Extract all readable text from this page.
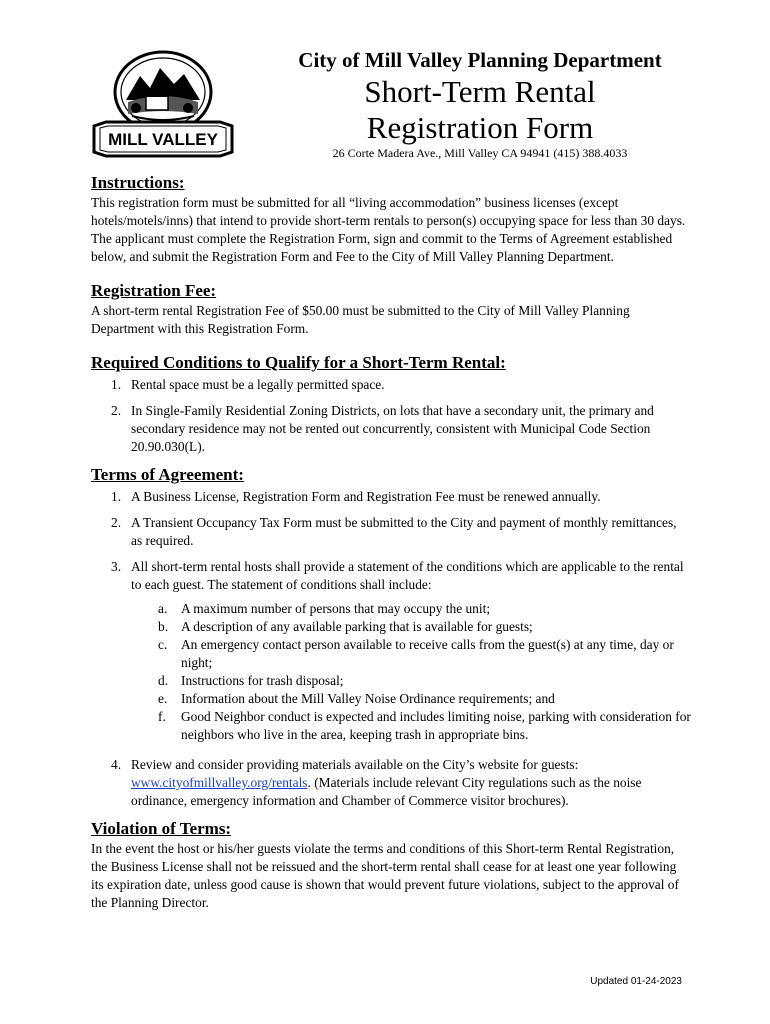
MILL VALLEY
City of Mill Valley Planning Department
Short-Term Rental
Registration Form
26 Corte Madera Ave., Mill Valley CA 94941 (415) 388.4033
Instructions:

This registration form must be submitted for all “living accommodation” business licenses (except hotels/motels/inns) that intend to provide short-term rentals to person(s) occupying space for less than 30 days. The applicant must complete the Registration Form, sign and commit to the Terms of Agreement established below, and submit the Registration Form and Fee to the City of Mill Valley Planning Department.

Registration Fee:

A short-term rental Registration Fee of $50.00 must be submitted to the City of Mill Valley Planning Department with this Registration Form.

Required Conditions to Qualify for a Short-Term Rental:
1. Rental space must be a legally permitted space.
2. In Single-Family Residential Zoning Districts, on lots that have a secondary unit, the primary and secondary residence may not be rented out concurrently, consistent with Municipal Code Section 20.90.030(L).
Terms of Agreement:
1. A Business License, Registration Form and Registration Fee must be renewed annually.
2. A Transient Occupancy Tax Form must be submitted to the City and payment of monthly remittances, as required.
3. All short-term rental hosts shall provide a statement of the conditions which are applicable to the rental to each guest. The statement of conditions shall include:
a. A maximum number of persons that may occupy the unit;
b. A description of any available parking that is available for guests;
c. An emergency contact person available to receive calls from the guest(s) at any time, day or night;
d. Instructions for trash disposal;
e. Information about the Mill Valley Noise Ordinance requirements; and
f. Good Neighbor conduct is expected and includes limiting noise, parking with consideration for neighbors who live in the area, keeping trash in appropriate bins.
4. Review and consider providing materials available on the City’s website for guests: www.cityofmillvalley.org/rentals. (Materials include relevant City regulations such as the noise ordinance, emergency information and Chamber of Commerce visitor brochures).
Violation of Terms:

In the event the host or his/her guests violate the terms and conditions of this Short-term Rental Registration, the Business License shall not be reissued and the short-term rental shall cease for at least one year following its expiration date, unless good cause is shown that would prevent future violations, subject to the approval of the Planning Director.

Updated 01-24-2023
